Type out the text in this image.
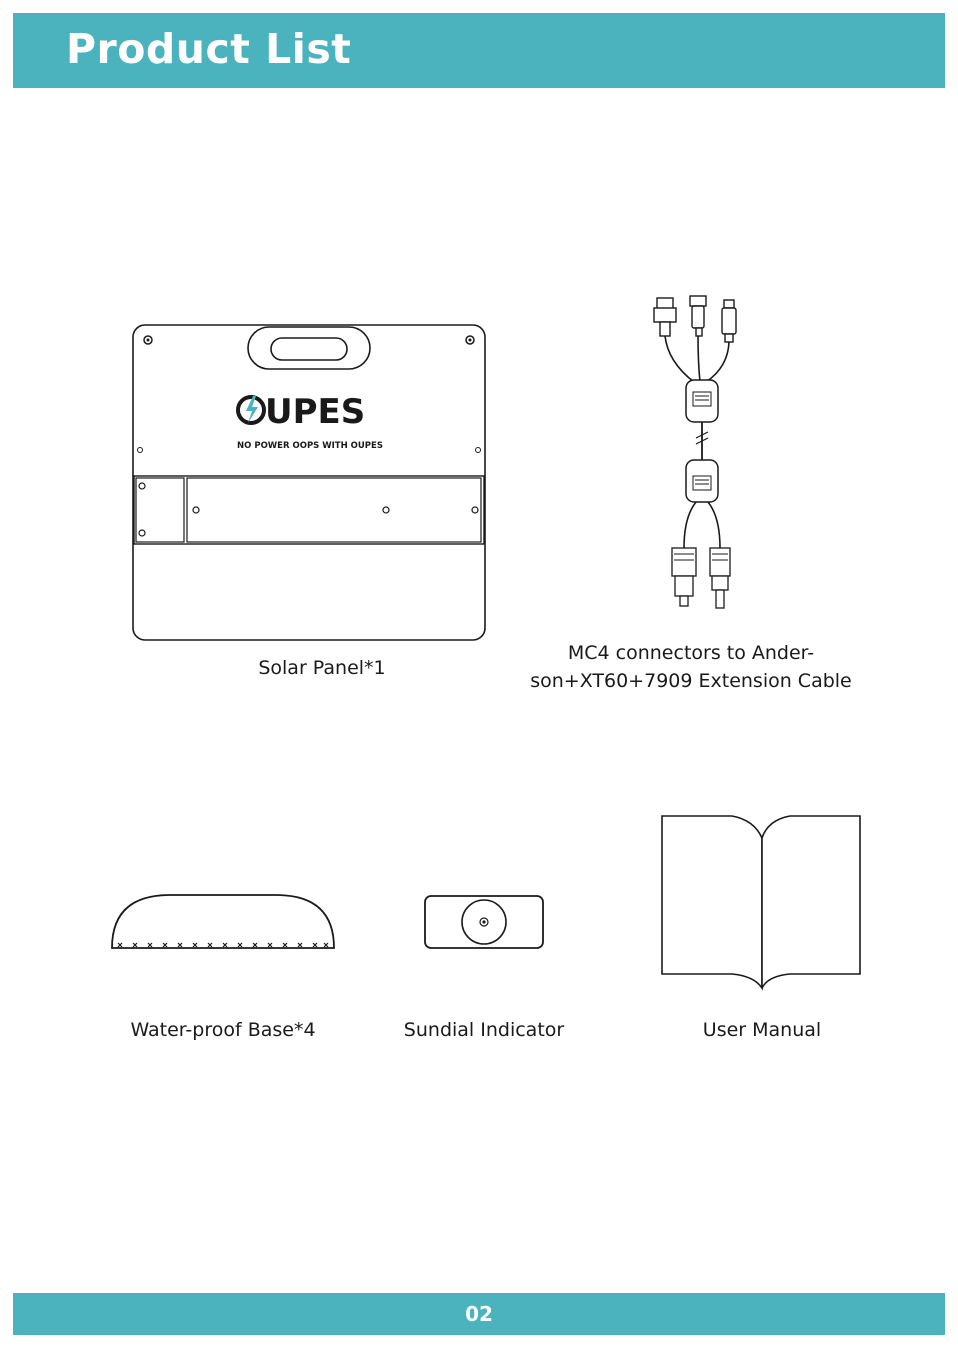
Product List
UPES
NO POWER OOPS WITH OUPES
Solar Panel*1
MC4 connectors to Ander-
son+XT60+7909 Extension Cable
Water-proof Base*4	Sundial Indicator	User Manual
02
